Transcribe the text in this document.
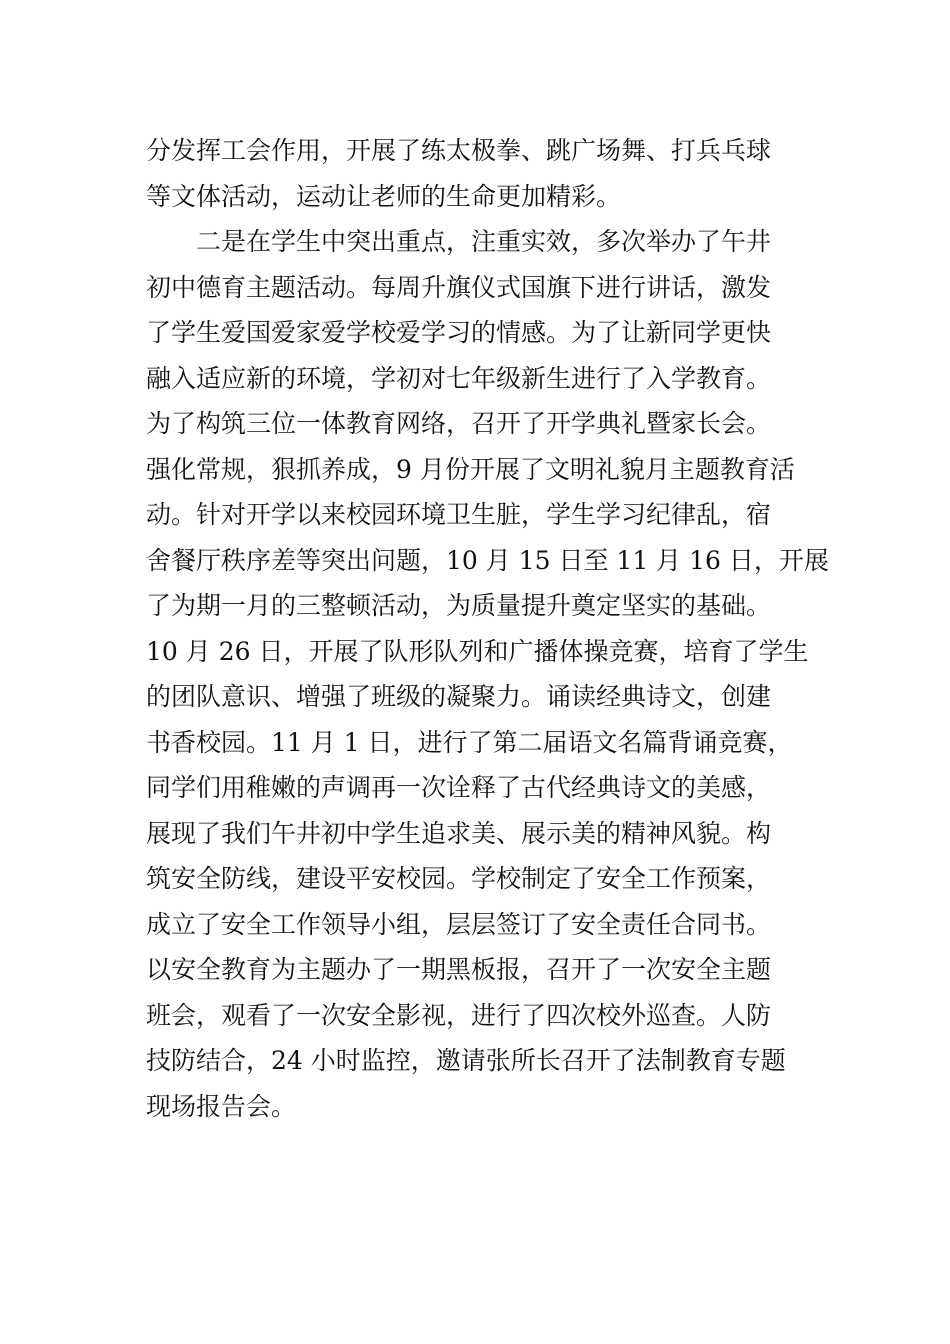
分发挥工会作用，开展了练太极拳、跳广场舞、打兵乓球
等文体活动，运动让老师的生命更加精彩。
二是在学生中突出重点，注重实效，多次举办了午井
初中德育主题活动。每周升旗仪式国旗下进行讲话，激发
了学生爱国爱家爱学校爱学习的情感。为了让新同学更快
融入适应新的环境，学初对七年级新生进行了入学教育。
为了构筑三位一体教育网络，召开了开学典礼暨家长会。
强化常规，狠抓养成，9 月份开展了文明礼貌月主题教育活
动。针对开学以来校园环境卫生脏，学生学习纪律乱，宿
舍餐厅秩序差等突出问题，10 月 15 日至 11 月 16 日，开展
了为期一月的三整顿活动，为质量提升奠定坚实的基础。
10 月 26 日，开展了队形队列和广播体操竞赛，培育了学生
的团队意识、增强了班级的凝聚力。诵读经典诗文，创建
书香校园。11 月 1 日，进行了第二届语文名篇背诵竞赛，
同学们用稚嫩的声调再一次诠释了古代经典诗文的美感，
展现了我们午井初中学生追求美、展示美的精神风貌。构
筑安全防线，建设平安校园。学校制定了安全工作预案，
成立了安全工作领导小组，层层签订了安全责任合同书。
以安全教育为主题办了一期黑板报，召开了一次安全主题
班会，观看了一次安全影视，进行了四次校外巡查。人防
技防结合，24 小时监控，邀请张所长召开了法制教育专题
现场报告会。
